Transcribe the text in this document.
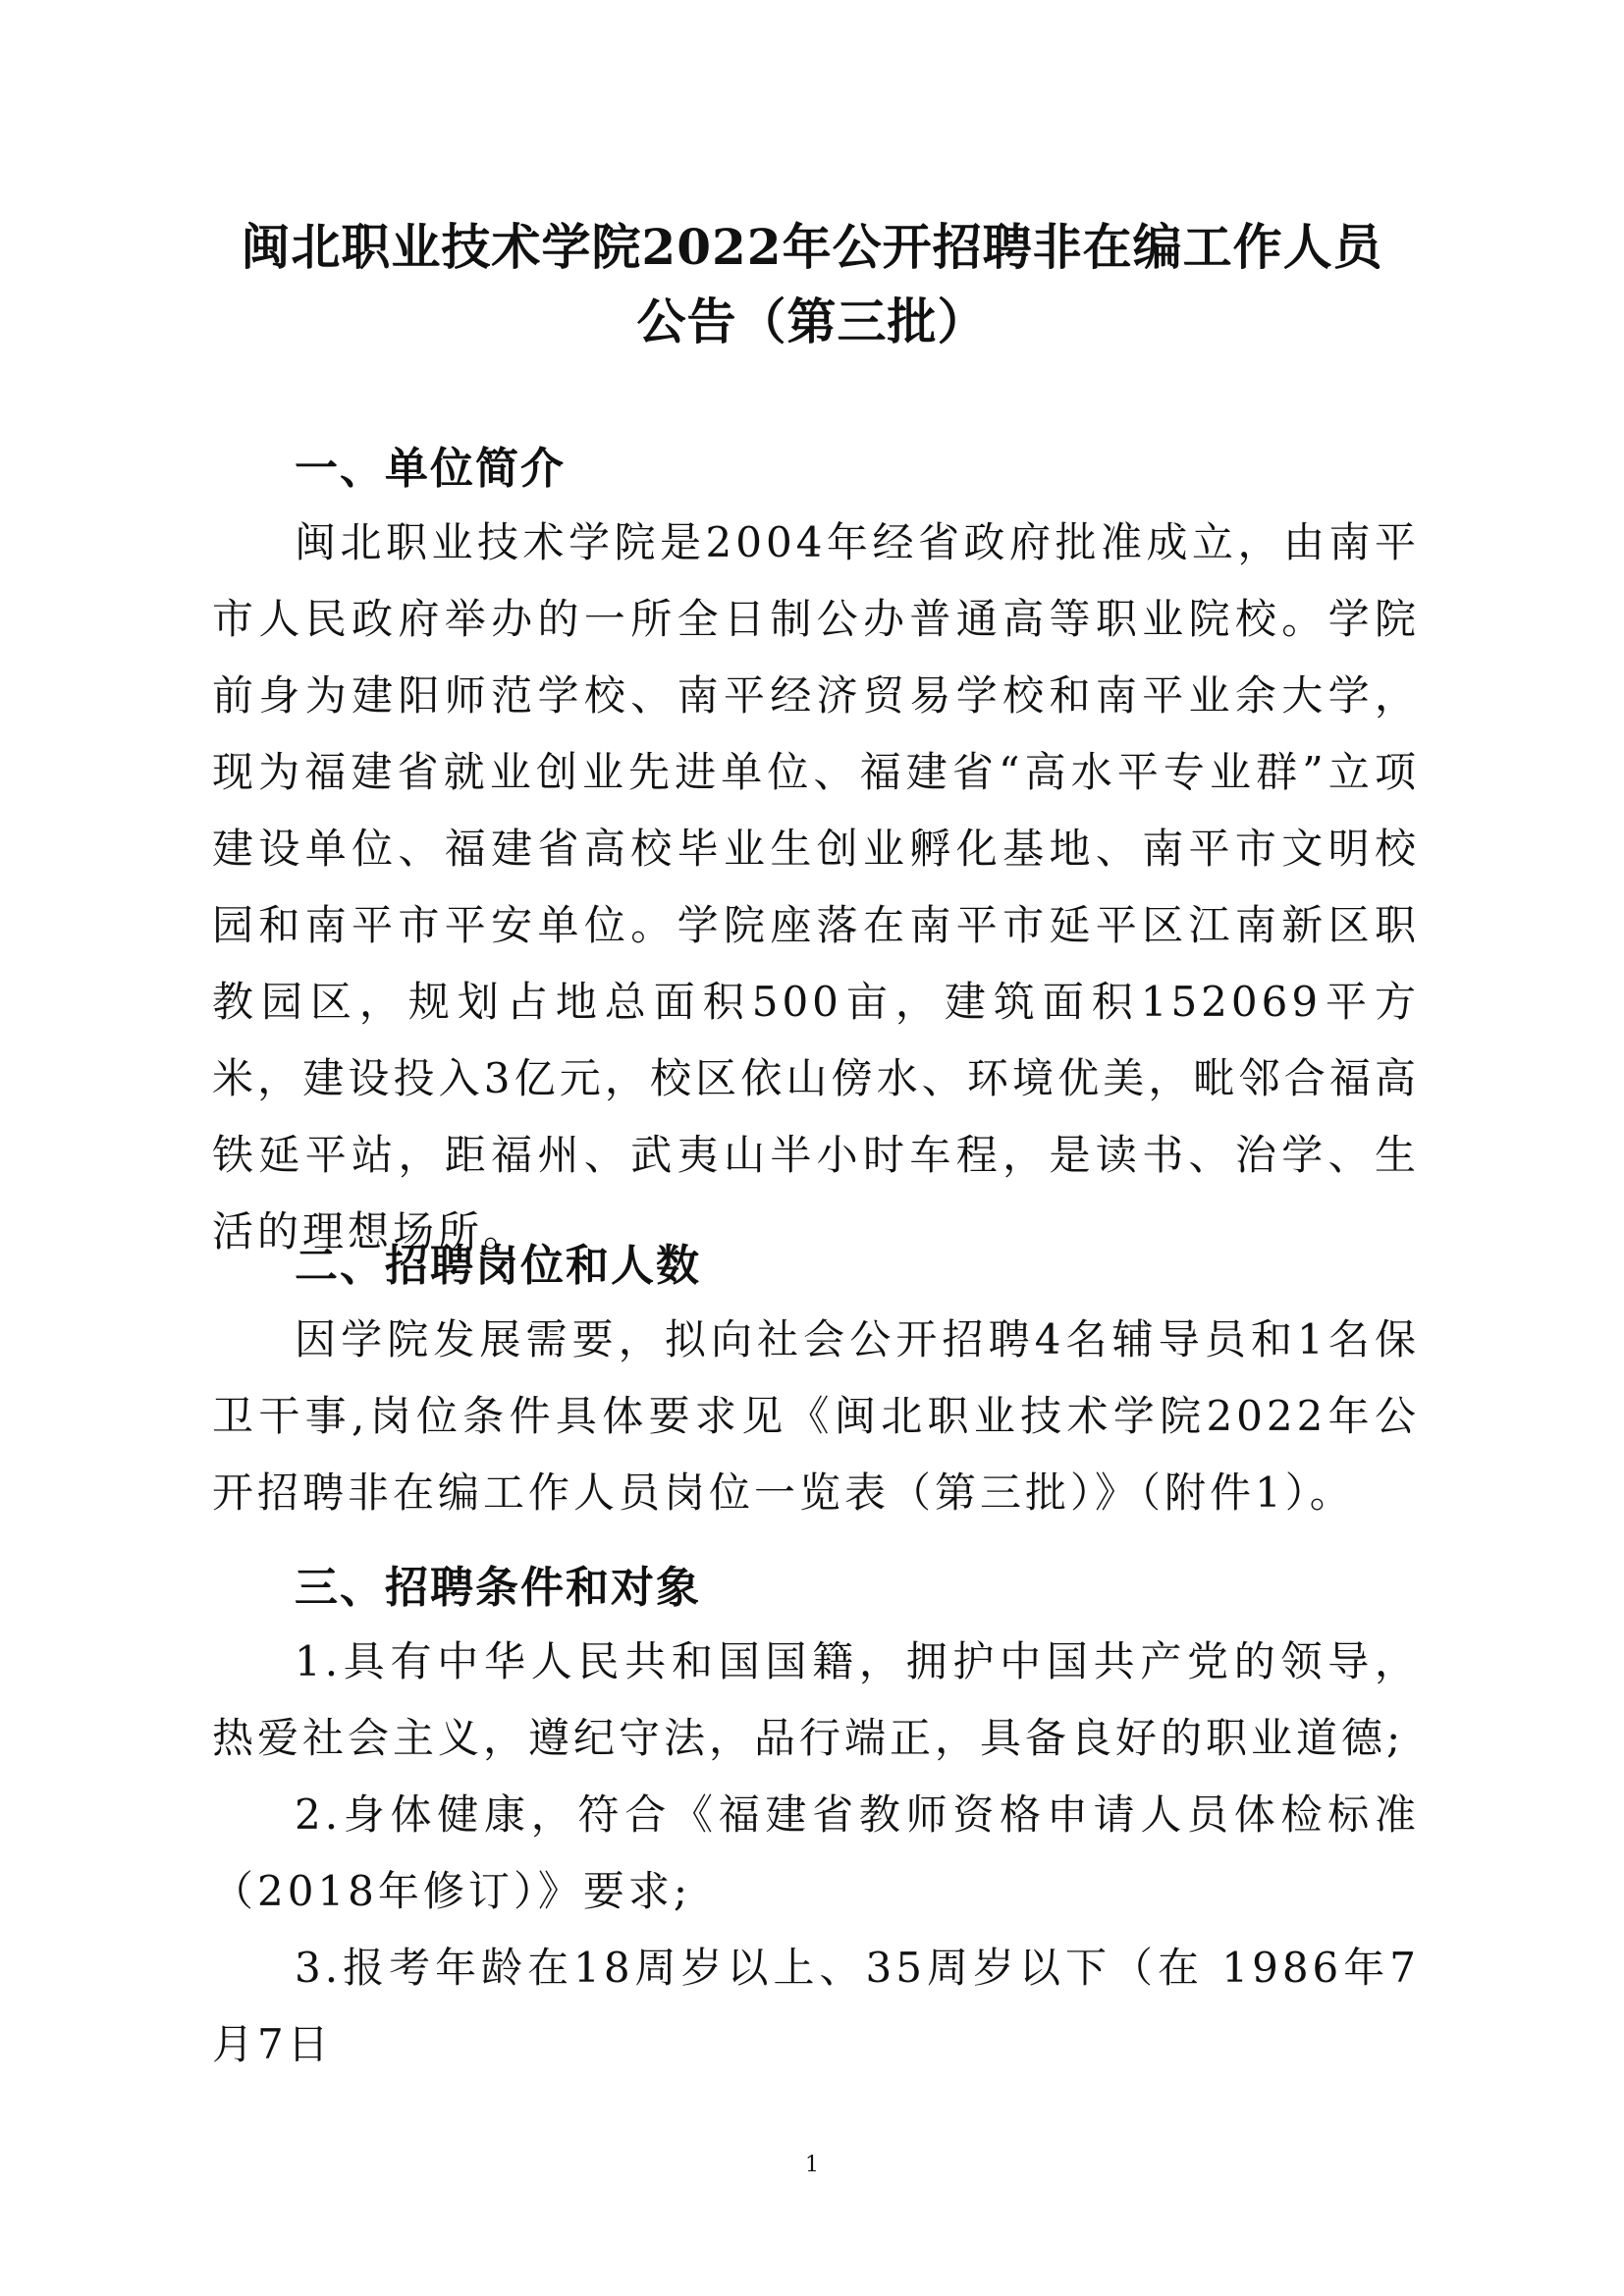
闽北职业技术学院2022年公开招聘非在编工作人员
公告（第三批）
一、单位简介
闽北职业技术学院是2004年经省政府批准成立，由南平市人民政府举办的一所全日制公办普通高等职业院校。学院前身为建阳师范学校、南平经济贸易学校和南平业余大学，现为福建省就业创业先进单位、福建省“高水平专业群”立项建设单位、福建省高校毕业生创业孵化基地、南平市文明校园和南平市平安单位。学院座落在南平市延平区江南新区职教园区，规划占地总面积500亩，建筑面积152069平方米，建设投入3亿元，校区依山傍水、环境优美，毗邻合福高铁延平站，距福州、武夷山半小时车程，是读书、治学、生活的理想场所。
二、招聘岗位和人数
因学院发展需要，拟向社会公开招聘4名辅导员和1名保卫干事,岗位条件具体要求见《闽北职业技术学院2022年公开招聘非在编工作人员岗位一览表（第三批）》（附件1）。
三、招聘条件和对象
1.具有中华人民共和国国籍，拥护中国共产党的领导，热爱社会主义，遵纪守法，品行端正，具备良好的职业道德;
2.身体健康，符合《福建省教师资格申请人员体检标准（2018年修订）》要求;
3.报考年龄在18周岁以上、35周岁以下（在 1986年7月7日
1
